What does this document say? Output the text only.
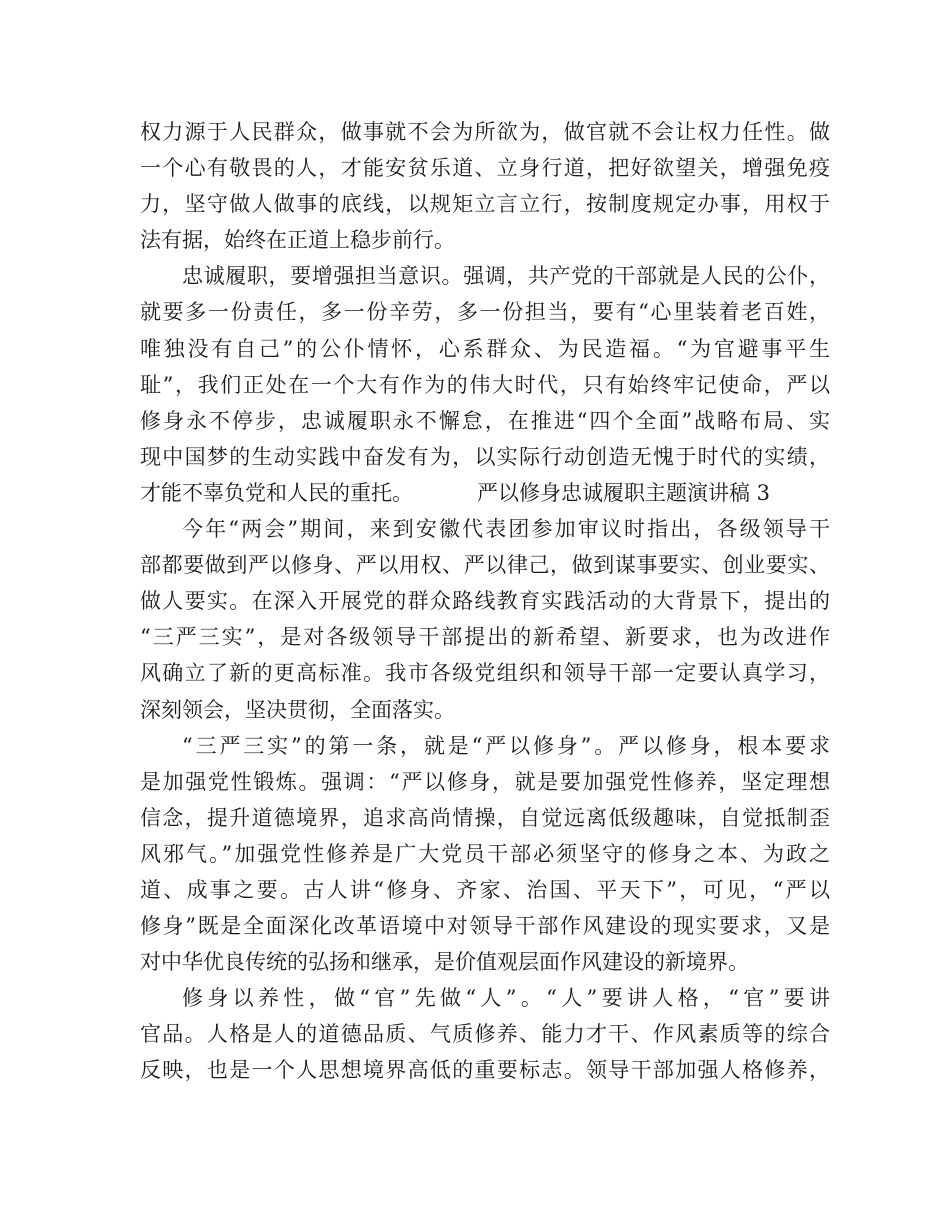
权力源于人民群众，做事就不会为所欲为，做官就不会让权力任性。做
一个心有敬畏的人，才能安贫乐道、立身行道，把好欲望关，增强免疫
力，坚守做人做事的底线，以规矩立言立行，按制度规定办事，用权于
法有据，始终在正道上稳步前行。
忠诚履职，要增强担当意识。强调，共产党的干部就是人民的公仆，
就要多一份责任，多一份辛劳，多一份担当，要有“心里装着老百姓，
唯独没有自己”的公仆情怀，心系群众、为民造福。“为官避事平生
耻”，我们正处在一个大有作为的伟大时代，只有始终牢记使命，严以
修身永不停步，忠诚履职永不懈怠，在推进“四个全面”战略布局、实
现中国梦的生动实践中奋发有为，以实际行动创造无愧于时代的实绩，
才能不辜负党和人民的重托。	严以修身忠诚履职主题演讲稿 3
今年“两会”期间，来到安徽代表团参加审议时指出，各级领导干
部都要做到严以修身、严以用权、严以律己，做到谋事要实、创业要实、
做人要实。在深入开展党的群众路线教育实践活动的大背景下，提出的
“三严三实”，是对各级领导干部提出的新希望、新要求，也为改进作
风确立了新的更高标准。我市各级党组织和领导干部一定要认真学习，
深刻领会，坚决贯彻，全面落实。
“三严三实”的第一条，就是“严以修身”。严以修身，根本要求
是加强党性锻炼。强调：“严以修身，就是要加强党性修养，坚定理想
信念，提升道德境界，追求高尚情操，自觉远离低级趣味，自觉抵制歪
风邪气。”加强党性修养是广大党员干部必须坚守的修身之本、为政之
道、成事之要。古人讲“修身、齐家、治国、平天下”，可见，“严以
修身”既是全面深化改革语境中对领导干部作风建设的现实要求，又是
对中华优良传统的弘扬和继承，是价值观层面作风建设的新境界。
修身以养性，做“官”先做“人”。“人”要讲人格，“官”要讲
官品。人格是人的道德品质、气质修养、能力才干、作风素质等的综合
反映，也是一个人思想境界高低的重要标志。领导干部加强人格修养，
